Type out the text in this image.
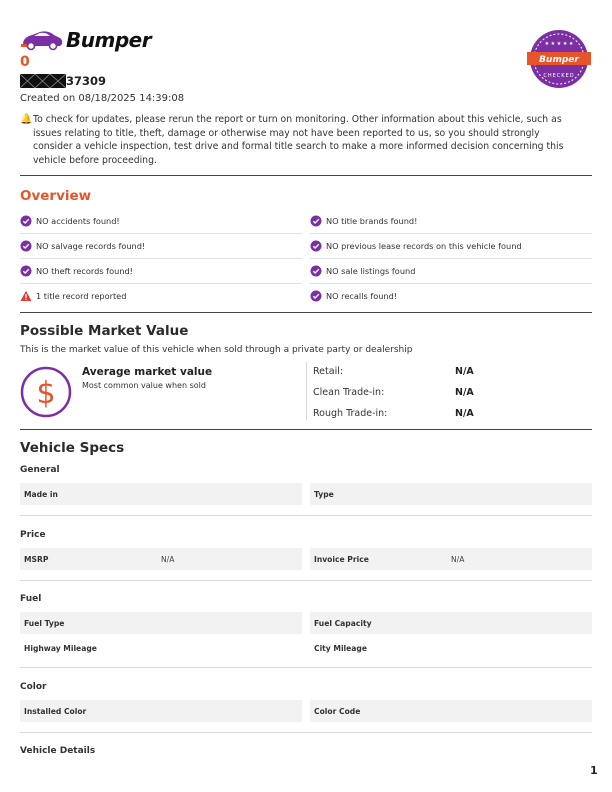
Bumper	★ ★ ★ ★ ★
Bumper
CHECKED
0
37309
Created on 08/18/2025 14:39:08
🔔 To check for updates, please rerun the report or turn on monitoring. Other information about this vehicle, such as issues relating to title, theft, damage or otherwise may not have been reported to us, so you should strongly consider a vehicle inspection, test drive and formal title search to make a more informed decision concerning this vehicle before proceeding.
Overview
NO accidents found!
NO salvage records found!
NO theft records found!
1 title record reported
NO title brands found!
NO previous lease records on this vehicle found
NO sale listings found
NO recalls found!
Possible Market Value
This is the market value of this vehicle when sold through a private party or dealership
$
Average market value
Most common value when sold
Retail:	N/A
Clean Trade-in:	N/A
Rough Trade-in:	N/A
Vehicle Specs
General
Made in	Type
Price
MSRP	N/A	Invoice Price	N/A
Fuel
Fuel Type	Fuel Capacity
Highway Mileage	City Mileage
Color
Installed Color	Color Code
Vehicle Details
1
